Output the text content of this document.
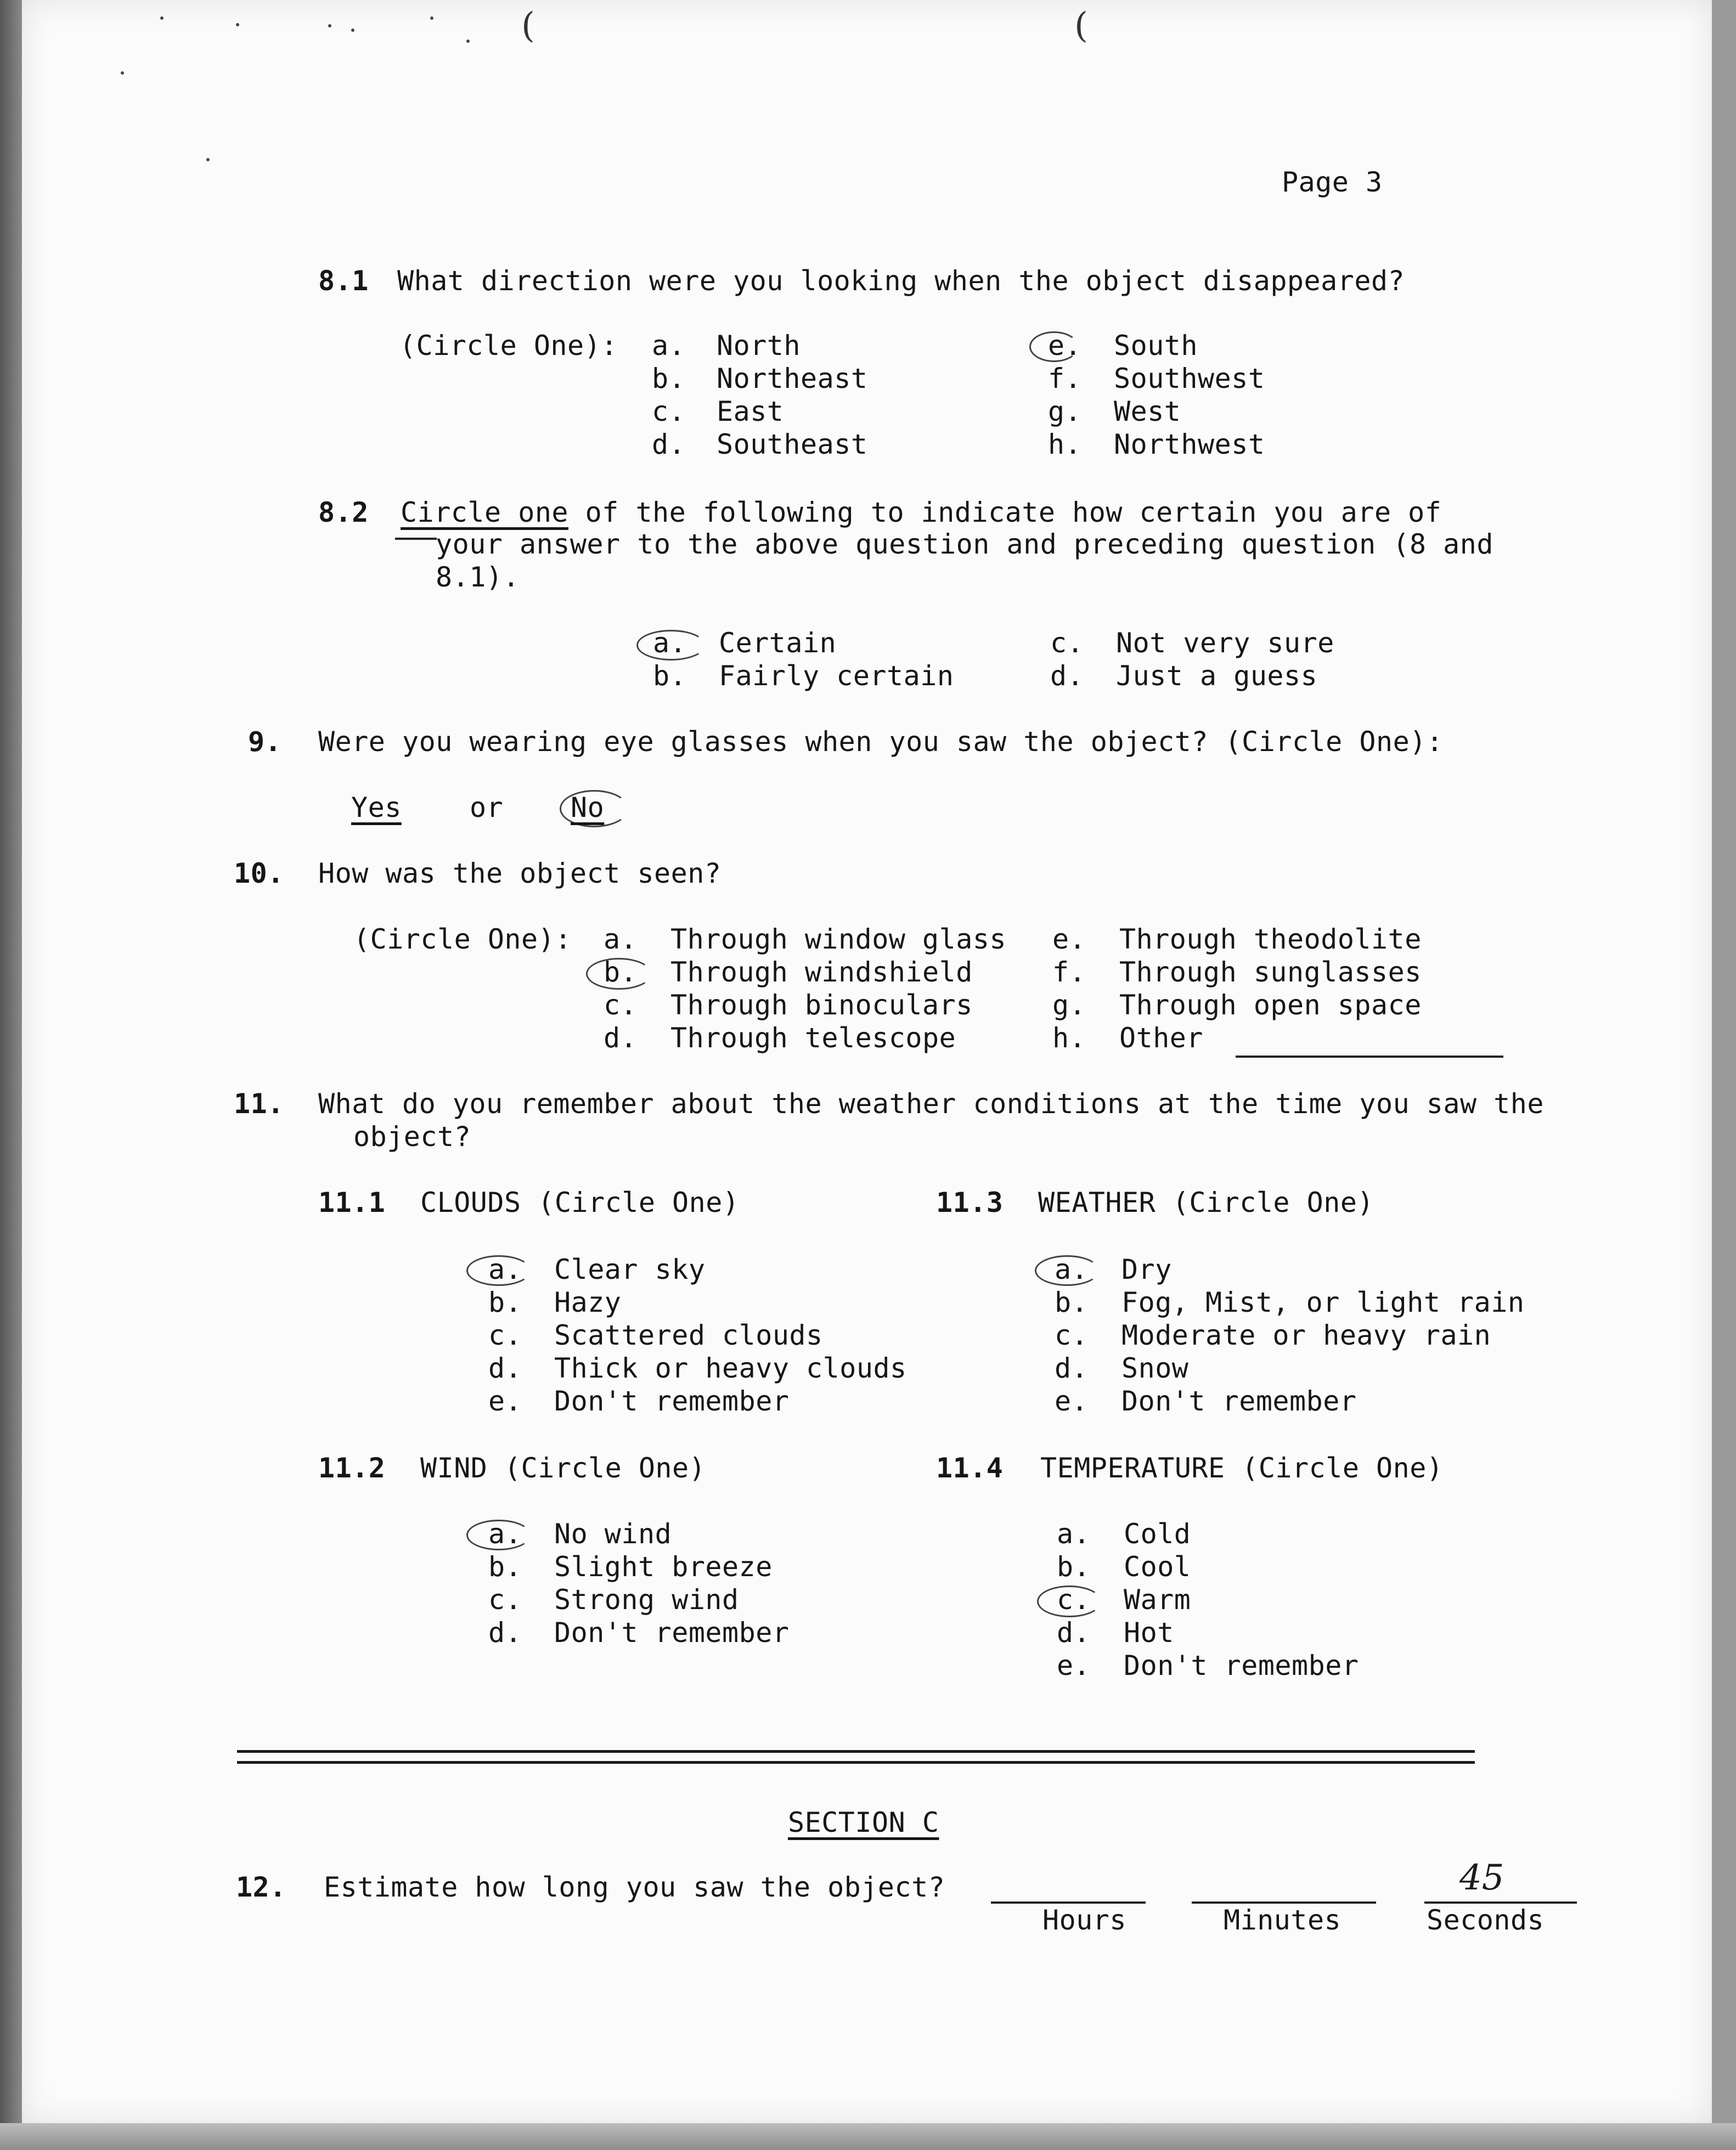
(	(
Page 3
8.1 What direction were you looking when the object disappeared?
(Circle One): a. North
b. Northeast
c. East
d. Southeast
e. South
f. Southwest
g. West
h. Northwest
8.2 Circle one of the following to indicate how certain you are of
your answer to the above question and preceding question (8 and
8.1).
a. Certain
b. Fairly certain
c. Not very sure
d. Just a guess
9. Were you wearing eye glasses when you saw the object? (Circle One):
Yes or No
10. How was the object seen?
(Circle One): a. Through window glass
b. Through windshield
c. Through binoculars
d. Through telescope
e. Through theodolite
f. Through sunglasses
g. Through open space
h. Other
11. What do you remember about the weather conditions at the time you saw the
object?
11.1 CLOUDS (Circle One)
a. Clear sky
b. Hazy
c. Scattered clouds
d. Thick or heavy clouds
e. Don't remember
11.3 WEATHER (Circle One)
a. Dry
b. Fog, Mist, or light rain
c. Moderate or heavy rain
d. Snow
e. Don't remember
11.2 WIND (Circle One)
a. No wind
b. Slight breeze
c. Strong wind
d. Don't remember
11.4 TEMPERATURE (Circle One)
a. Cold
b. Cool
c. Warm
d. Hot
e. Don't remember
SECTION C
12. Estimate how long you saw the object?
Hours	Minutes
45
Seconds
